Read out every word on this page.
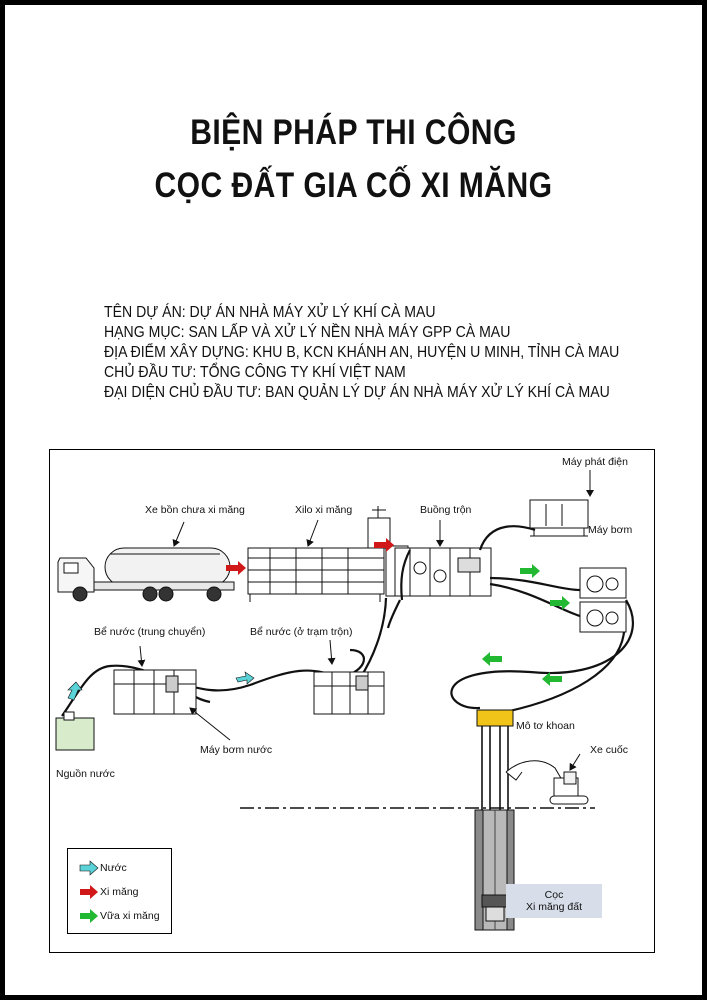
BIỆN PHÁP THI CÔNG
CỌC ĐẤT GIA CỐ XI MĂNG
TÊN DỰ ÁN: DỰ ÁN NHÀ MÁY XỬ LÝ KHÍ CÀ MAU
HẠNG MỤC: SAN LẤP VÀ XỬ LÝ NỀN NHÀ MÁY GPP CÀ MAU
ĐỊA ĐIỂM XÂY DỰNG: KHU B, KCN KHÁNH AN, HUYỆN U MINH, TỈNH CÀ MAU
CHỦ ĐẦU TƯ: TỔNG CÔNG TY KHÍ VIỆT NAM
ĐẠI DIỆN CHỦ ĐẦU TƯ: BAN QUẢN LÝ DỰ ÁN NHÀ MÁY XỬ LÝ KHÍ CÀ MAU
Máy phát điện
Xe bồn chưa xi măng	Xilo xi măng	Buồng trộn
Máy bơm
Bể nước (trung chuyển)	Bể nước (ở trạm trộn)
Máy bơm nước
Nguồn nước
Mô tơ khoan
Xe cuốc
Cọc
Xi măng đất
Nước
Xi măng
Vữa xi măng
